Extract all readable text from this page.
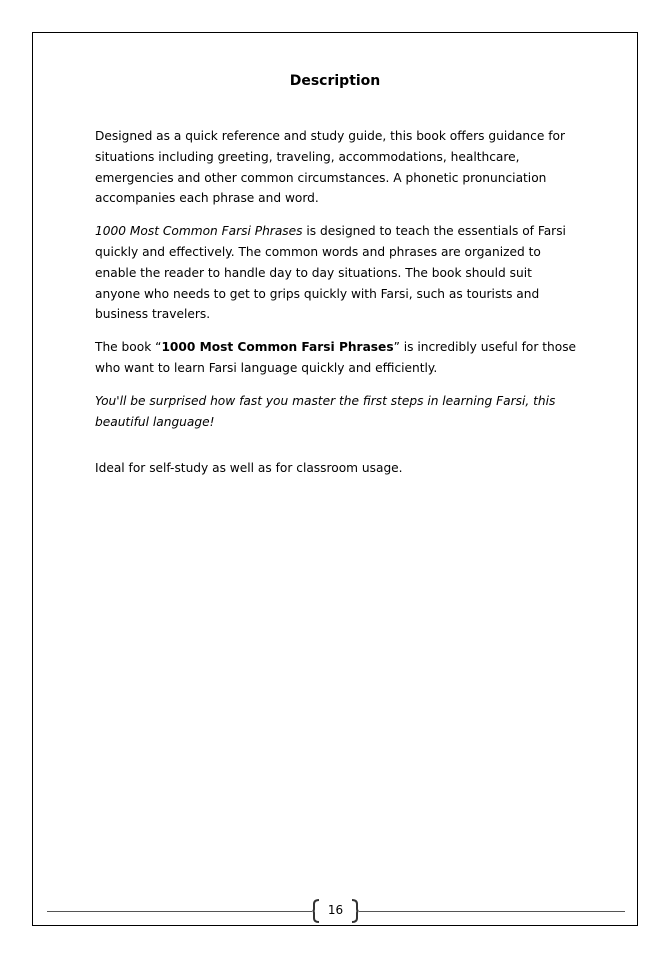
Description

Designed as a quick reference and study guide, this book offers guidance for situations including greeting, traveling, accommodations, healthcare, emergencies and other common circumstances. A phonetic pronunciation accompanies each phrase and word.

1000 Most Common Farsi Phrases is designed to teach the essentials of Farsi quickly and effectively. The common words and phrases are organized to enable the reader to handle day to day situations. The book should suit anyone who needs to get to grips quickly with Farsi, such as tourists and business travelers.

The book “1000 Most Common Farsi Phrases” is incredibly useful for those who want to learn Farsi language quickly and efficiently.

You'll be surprised how fast you master the first steps in learning Farsi, this beautiful language!

Ideal for self-study as well as for classroom usage.

16
